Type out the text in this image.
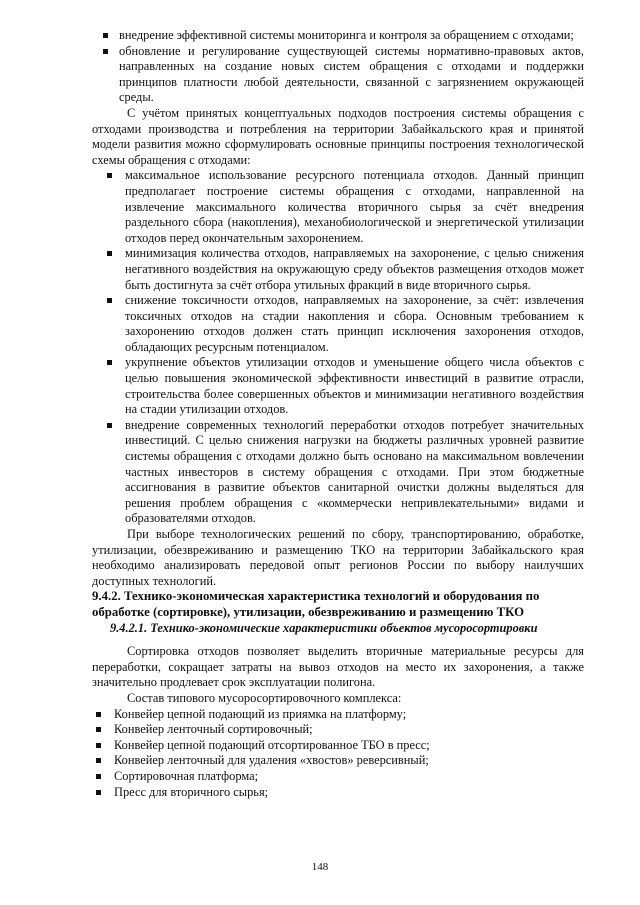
внедрение эффективной системы мониторинга и контроля за обращением с отходами;
обновление и регулирование существующей системы нормативно-правовых актов, направленных на создание новых систем обращения с отходами и поддержки принципов платности любой деятельности, связанной с загрязнением окружающей среды.

С учётом принятых концептуальных подходов построения системы обращения с отходами производства и потребления на территории Забайкальского края и принятой модели развития можно сформулировать основные принципы построения технологической схемы обращения с отходами:

максимальное использование ресурсного потенциала отходов. Данный принцип предполагает построение системы обращения с отходами, направленной на извлечение максимального количества вторичного сырья за счёт внедрения раздельного сбора (накопления), механобиологической и энергетической утилизации отходов перед окончательным захоронением.
минимизация количества отходов, направляемых на захоронение, с целью снижения негативного воздействия на окружающую среду объектов размещения отходов может быть достигнута за счёт отбора утильных фракций в виде вторичного сырья.
снижение токсичности отходов, направляемых на захоронение, за счёт: извлечения токсичных отходов на стадии накопления и сбора. Основным требованием к захоронению отходов должен стать принцип исключения захоронения отходов, обладающих ресурсным потенциалом.
укрупнение объектов утилизации отходов и уменьшение общего числа объектов с целью повышения экономической эффективности инвестиций в развитие отрасли, строительства более совершенных объектов и минимизации негативного воздействия на стадии утилизации отходов.
внедрение современных технологий переработки отходов потребует значительных инвестиций. С целью снижения нагрузки на бюджеты различных уровней развитие системы обращения с отходами должно быть основано на максимальном вовлечении частных инвесторов в систему обращения с отходами. При этом бюджетные ассигнования в развитие объектов санитарной очистки должны выделяться для решения проблем обращения с «коммерчески непривлекательными» видами и образователями отходов.

При выборе технологических решений по сбору, транспортированию, обработке, утилизации, обезвреживанию и размещению ТКО на территории Забайкальского края необходимо анализировать передовой опыт регионов России по выбору наилучших доступных технологий.

9.4.2. Технико-экономическая характеристика технологий и оборудования по обработке (сортировке), утилизации, обезвреживанию и размещению ТКО
9.4.2.1. Технико-экономические характеристики объектов мусоросортировки

Сортировка отходов позволяет выделить вторичные материальные ресурсы для переработки, сокращает затраты на вывоз отходов на место их захоронения, а также значительно продлевает срок эксплуатации полигона.

Состав типового мусоросортировочного комплекса:

Конвейер цепной подающий из приямка на платформу;
Конвейер ленточный сортировочный;
Конвейер цепной подающий отсортированное ТБО в пресс;
Конвейер ленточный для удаления «хвостов» реверсивный;
Сортировочная платформа;
Пресс для вторичного сырья;
148
